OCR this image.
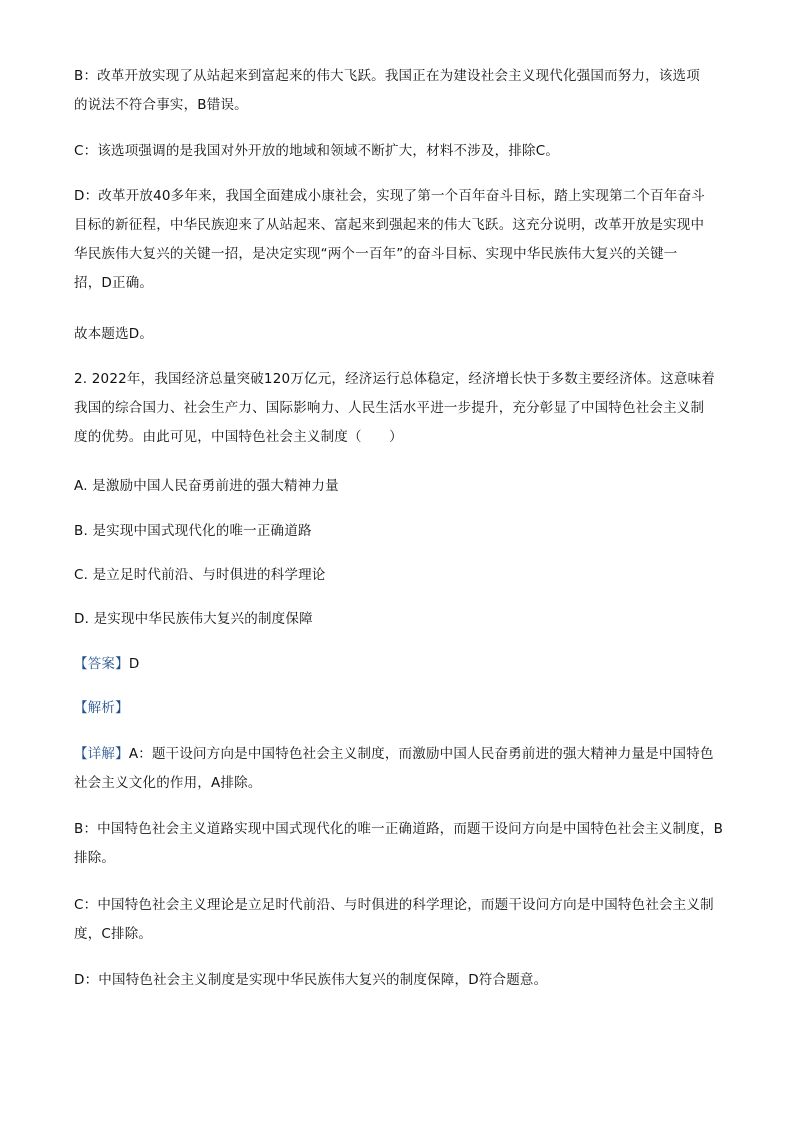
B：改革开放实现了从站起来到富起来的伟大飞跃。我国正在为建设社会主义现代化强国而努力，该选项
的说法不符合事实，B错误。
C：该选项强调的是我国对外开放的地域和领域不断扩大，材料不涉及，排除C。
D：改革开放40多年来，我国全面建成小康社会，实现了第一个百年奋斗目标，踏上实现第二个百年奋斗
目标的新征程，中华民族迎来了从站起来、富起来到强起来的伟大飞跃。这充分说明，改革开放是实现中
华民族伟大复兴的关键一招，是决定实现“两个一百年”的奋斗目标、实现中华民族伟大复兴的关键一
招，D正确。
故本题选D。
2. 2022年，我国经济总量突破120万亿元，经济运行总体稳定，经济增长快于多数主要经济体。这意味着
我国的综合国力、社会生产力、国际影响力、人民生活水平进一步提升，充分彰显了中国特色社会主义制
度的优势。由此可见，中国特色社会主义制度（　　）
A. 是激励中国人民奋勇前进的强大精神力量
B. 是实现中国式现代化的唯一正确道路
C. 是立足时代前沿、与时俱进的科学理论
D. 是实现中华民族伟大复兴的制度保障
【答案】D
【解析】
【详解】A：题干设问方向是中国特色社会主义制度，而激励中国人民奋勇前进的强大精神力量是中国特色
社会主义文化的作用，A排除。
B：中国特色社会主义道路实现中国式现代化的唯一正确道路，而题干设问方向是中国特色社会主义制度，B
排除。
C：中国特色社会主义理论是立足时代前沿、与时俱进的科学理论，而题干设问方向是中国特色社会主义制
度，C排除。
D：中国特色社会主义制度是实现中华民族伟大复兴的制度保障，D符合题意。
